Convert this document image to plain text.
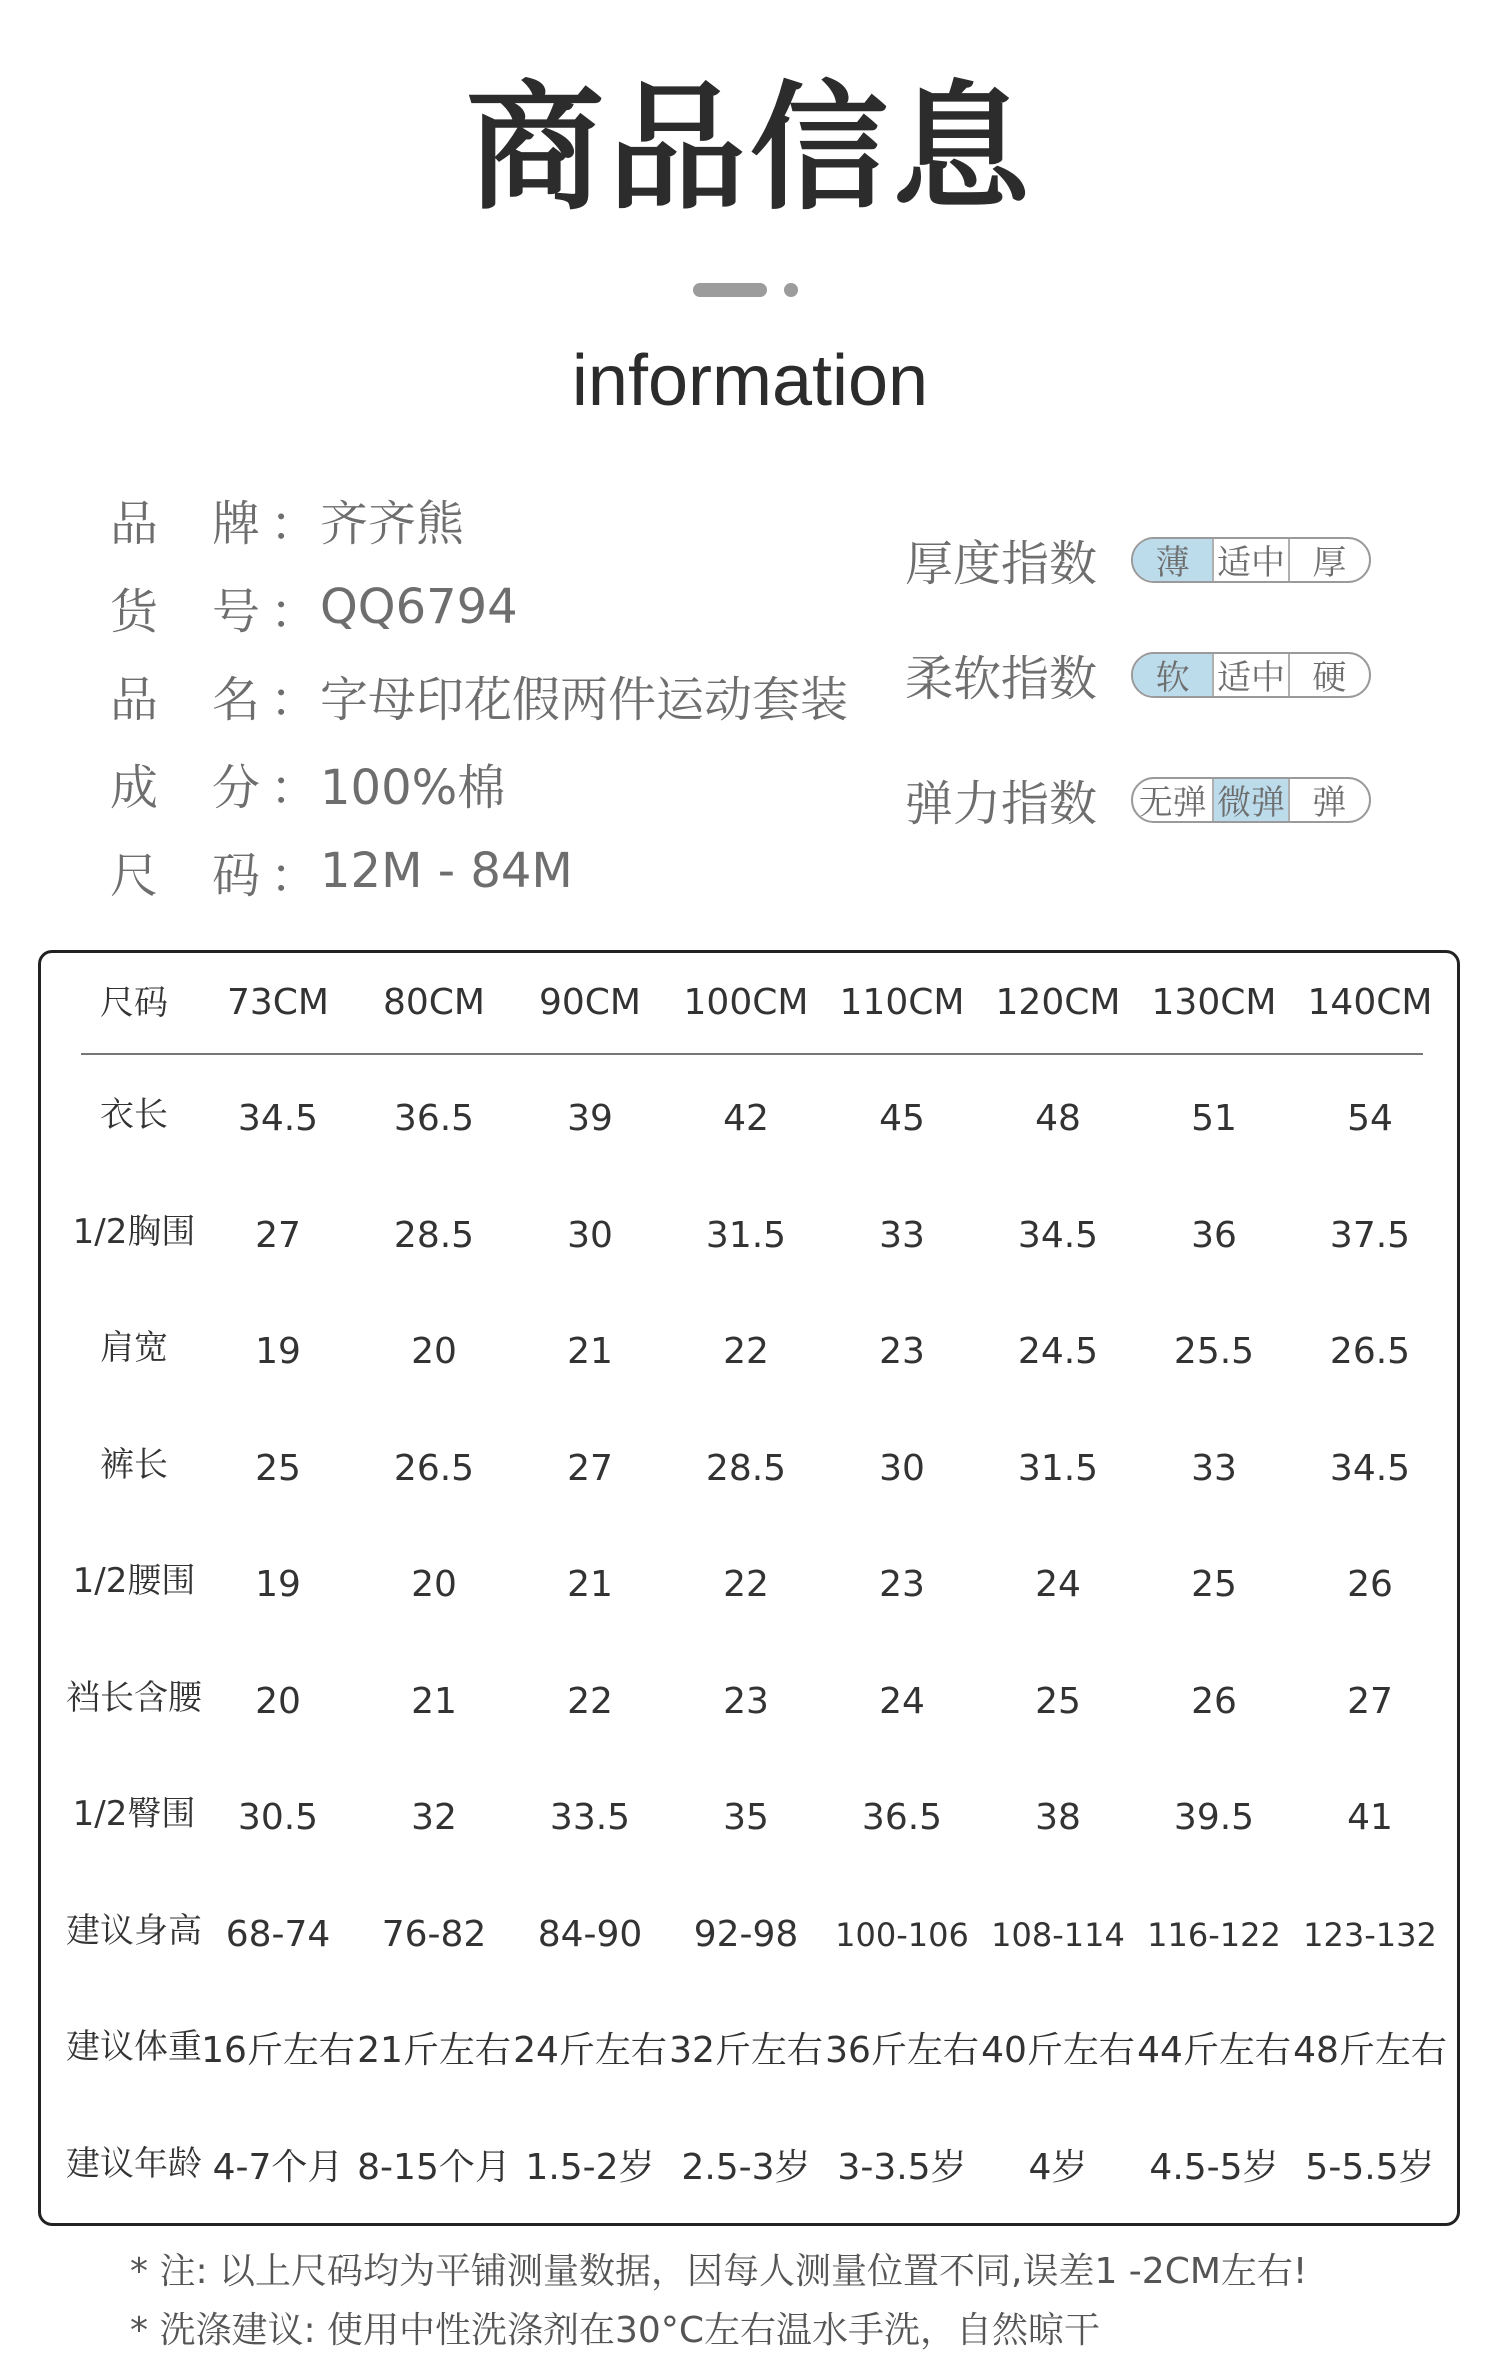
商品信息
information
品 牌 ： 齐齐熊
货 号 ： QQ6794
品 名 ： 字母印花假两件运动套装
成 分 ： 100%棉
尺 码 ： 12M - 84M
厚度指数	薄 适中 厚
柔软指数	软 适中 硬
弹力指数	无弹 微弹 弹
尺码	73CM	80CM	90CM	100CM 110CM 120CM 130CM 140CM
衣长	34.5	36.5	39	42	45	48	51	54
1/2胸围	27	28.5	30	31.5	33	34.5	36	37.5
肩宽	19	20	21	22	23	24.5	25.5	26.5
裤长	25	26.5	27	28.5	30	31.5	33	34.5
1/2腰围	19	20	21	22	23	24	25	26
裆长含腰	20	21	22	23	24	25	26	27
1/2臀围	30.5	32	33.5	35	36.5	38	39.5	41
建议身高 68-74	76-82	84-90	92-98	100-106 108-114 116-122 123-132
建议体重 16斤左右 21斤左右 24斤左右 32斤左右 36斤左右 40斤左右 44斤左右 48斤左右
建议年龄 4-7个月 8-15个月 1.5-2岁 2.5-3岁 3-3.5岁	4岁	4.5-5岁 5-5.5岁
* 注: 以上尺码均为平铺测量数据，因每人测量位置不同,误差1 -2CM左右!
* 洗涤建议: 使用中性洗涤剂在30°C左右温水手洗，自然晾干
